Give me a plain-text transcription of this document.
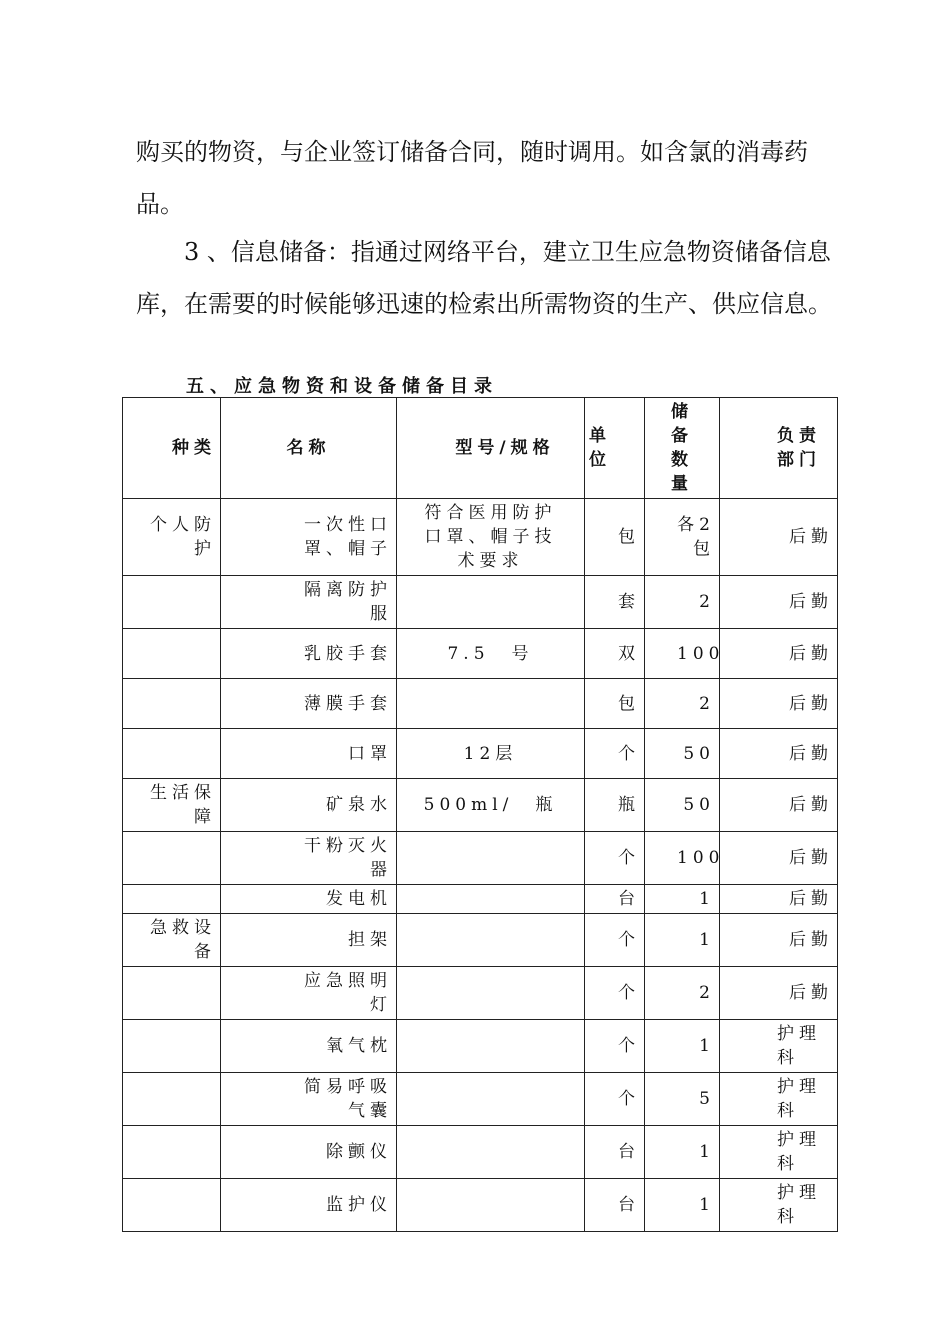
购买的物资，与企业签订储备合同，随时调用。如含氯的消毒药品。

3 、信息储备：指通过网络平台，建立卫生应急物资储备信息库，在需要的时候能够迅速的检索出所需物资的生产、供应信息。

五、应急物资和设备储备目录

种类	名称	型号/规格	单位	储备数量	负责部门
个人防护	一次性口罩、帽子	符合医用防护口罩、帽子技术要求	包	各2包	后勤
	隔离防护服		套	2	后勤
	乳胶手套	7.5　号	双	100	后勤
	薄膜手套		包	2	后勤
	口罩	12层	个	50	后勤
生活保障	矿泉水	500ml/　瓶	瓶	50	后勤
	干粉灭火器		个	100	后勤
	发电机		台	1	后勤
急救设备	担架		个	1	后勤
	应急照明灯		个	2	后勤
	氧气枕		个	1	护理科
	简易呼吸气囊		个	5	护理科
	除颤仪		台	1	护理科
	监护仪		台	1	护理科
